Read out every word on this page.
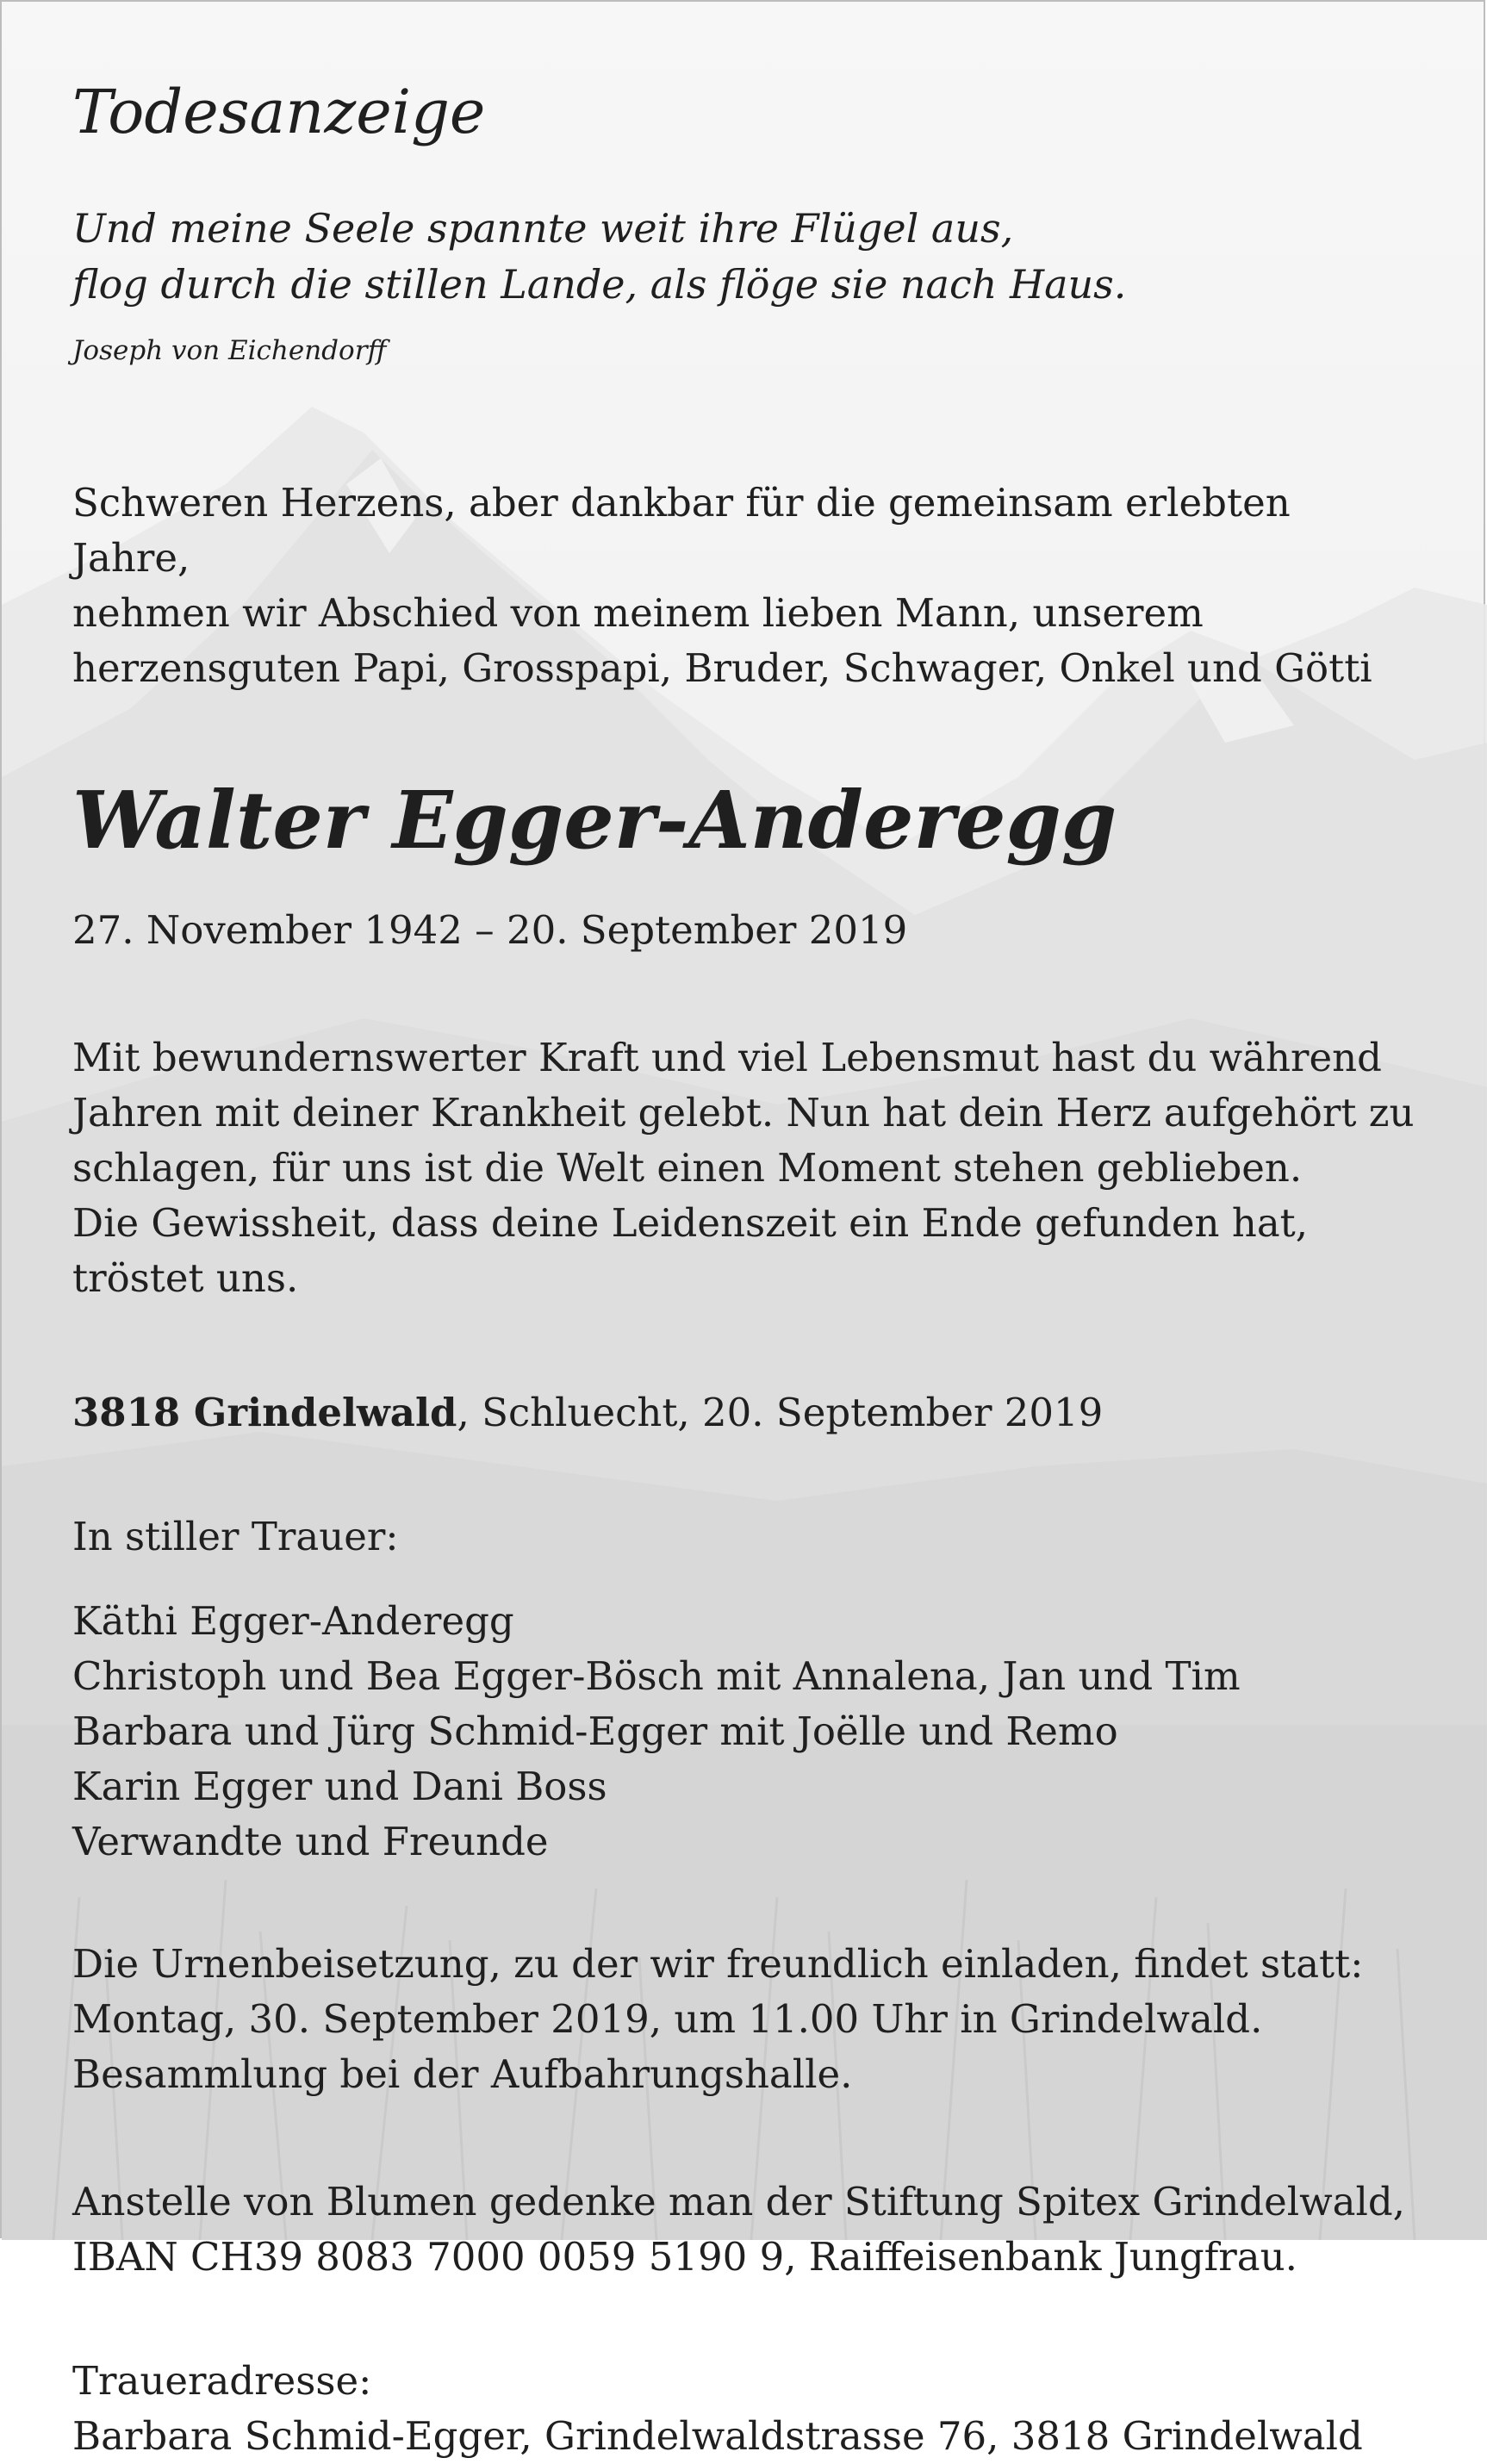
Todesanzeige
Und meine Seele spannte weit ihre Flügel aus,
flog durch die stillen Lande, als flöge sie nach Haus.
Joseph von Eichendorff
Schweren Herzens, aber dankbar für die gemeinsam erlebten Jahre,
nehmen wir Abschied von meinem lieben Mann, unserem
herzensguten Papi, Grosspapi, Bruder, Schwager, Onkel und Götti
Walter Egger-Anderegg
27. November 1942 – 20. September 2019
Mit bewundernswerter Kraft und viel Lebensmut hast du während
Jahren mit deiner Krankheit gelebt. Nun hat dein Herz aufgehört zu
schlagen, für uns ist die Welt einen Moment stehen geblieben.
Die Gewissheit, dass deine Leidenszeit ein Ende gefunden hat, tröstet uns.
3818 Grindelwald, Schluecht, 20. September 2019
In stiller Trauer:
Käthi Egger-Anderegg
Christoph und Bea Egger-Bösch mit Annalena, Jan und Tim
Barbara und Jürg Schmid-Egger mit Joëlle und Remo
Karin Egger und Dani Boss
Verwandte und Freunde
Die Urnenbeisetzung, zu der wir freundlich einladen, findet statt:
Montag, 30. September 2019, um 11.00 Uhr in Grindelwald.
Besammlung bei der Aufbahrungshalle.
Anstelle von Blumen gedenke man der Stiftung Spitex Grindelwald,
IBAN CH39 8083 7000 0059 5190 9, Raiffeisenbank Jungfrau.
Traueradresse:
Barbara Schmid-Egger, Grindelwaldstrasse 76, 3818 Grindelwald
